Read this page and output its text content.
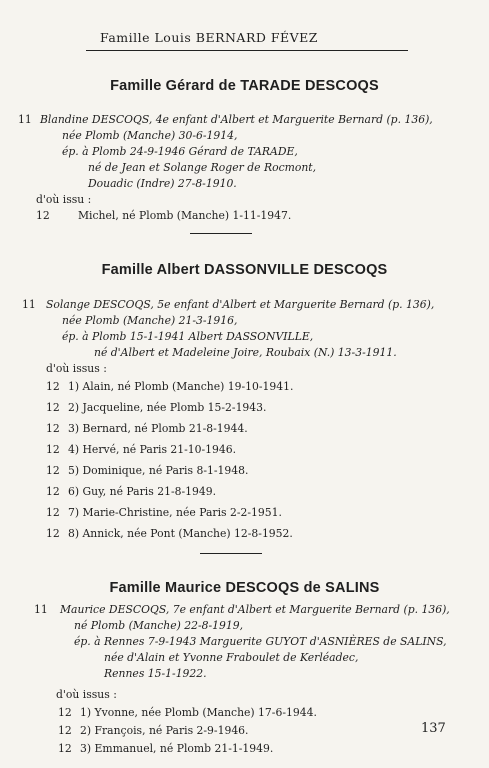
Famille Louis BERNARD FÉVEZ
Famille Gérard de TARADE DESCOQS
11 Blandine DESCOQS, 4e enfant d'Albert et Marguerite Bernard (p. 136),
née Plomb (Manche) 30-6-1914,
ép. à Plomb 24-9-1946 Gérard de TARADE,
né de Jean et Solange Roger de Rocmont,
Douadic (Indre) 27-8-1910.
d'où issu :
12	Michel, né Plomb (Manche) 1-11-1947.
Famille Albert DASSONVILLE DESCOQS
11 Solange DESCOQS, 5e enfant d'Albert et Marguerite Bernard (p. 136),
née Plomb (Manche) 21-3-1916,
ép. à Plomb 15-1-1941 Albert DASSONVILLE,
né d'Albert et Madeleine Joire, Roubaix (N.) 13-3-1911.
d'où issus :
12 1) Alain, né Plomb (Manche) 19-10-1941.
12 2) Jacqueline, née Plomb 15-2-1943.
12 3) Bernard, né Plomb 21-8-1944.
12 4) Hervé, né Paris 21-10-1946.
12 5) Dominique, né Paris 8-1-1948.
12 6) Guy, né Paris 21-8-1949.
12 7) Marie-Christine, née Paris 2-2-1951.
12 8) Annick, née Pont (Manche) 12-8-1952.
Famille Maurice DESCOQS de SALINS
11 Maurice DESCOQS, 7e enfant d'Albert et Marguerite Bernard (p. 136),
né Plomb (Manche) 22-8-1919,
ép. à Rennes 7-9-1943 Marguerite GUYOT d'ASNIÈRES de SALINS,
née d'Alain et Yvonne Fraboulet de Kerléadec,
Rennes 15-1-1922.
d'où issus :
12 1) Yvonne, née Plomb (Manche) 17-6-1944.
12 2) François, né Paris 2-9-1946.
12 3) Emmanuel, né Plomb 21-1-1949.
137
